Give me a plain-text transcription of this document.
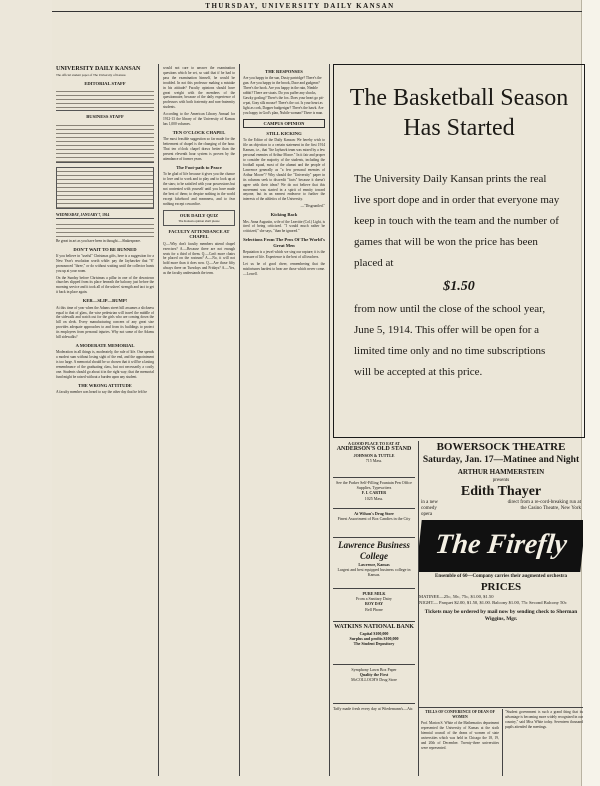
THURSDAY, UNIVERSITY DAILY KANSAN
UNIVERSITY DAILY KANSAN
The official student paper of The University of Kansas
EDITORIAL STAFF
BUSINESS STAFF
WEDNESDAY, JANUARY 7, 1914

Be great in art as you have been in thought.—Shakespeare.

DON'T WAIT TO BE BUNNED

If you believe in "useful" Christmas gifts, here is a suggestion for a New Year's resolution worth while: pay the Jayhawker that "6" pronounced "three," or do without waiting until the collector hunts you up at your room.

On the Sunday before Christmas a pillar in one of the downtown churches slipped from its place beneath the balcony just before the morning service and it took all of the ushers' strength and tact to get it back in place again.

KER—SLIP—BUMP!

At this time of year when the Adams street hill assumes a slickness equal to that of glass, the wise pedestrian will travel the middle of the sidewalk and watch out for the girls who are coming down the hill on sleds. Every manufacturing concern of any great size provides adequate approaches to and from its buildings to protect its employees from personal injuries. Why not some of the Adams hill sidewalks?

A MODERATE MEMORIAL

Moderation in all things is, moderately, the rule of life. One spends a modest sum without losing sight of the end, and the appointment is too large. A memorial should be so chosen that it will be a lasting remembrance of the graduating class, but not necessarily a costly one. Students should go about it in the right way; that the memorial fund might be raised without a burden upon any student.

THE WRONG ATTITUDE

A faculty member was heard to say the other day that he felt he

would not care to answer the examination questions which he set, so said that if he had to pass the examination himself, he would be troubled. In not this professor making a mistake in his attitude? Faculty opinions should have great weight with the members of the questionnaire, because of the daily experience of professors with both fraternity and non-fraternity students.

According to the American Library Annual for 1912-13 the library of the University of Kansas has 1,000 volumes.

TEN O'CLOCK CHAPEL

The most feasible suggestion so far made for the betterment of chapel is the changing of the hour. That ten o'clock chapel draws better than the present eleventh hour system is proven by the attendance of former years.

The Foot-path to Peace

To be glad of life because it gives you the chance to love and to work and to play and to look up at the stars; to be satisfied with your possessions but not contented with yourself until you have made the best of them; to despise nothing in the world except falsehood and meanness, and to fear nothing except cowardice.

OUR DAILY QUIZ
The Kansan opinion shall please
FACULTY ATTENDANCE AT CHAPEL

Q.—Why don't faculty members attend chapel exercises? A.—Because there are not enough seats for a third of them. Q.—Can't more chairs be placed on the rostrum? A.—No, it will not hold more than it does now. Q.—Are those fifty always there on Tuesdays and Fridays? A.—Yes, as the faculty understands the term.

THE RESPONSES

Are you happy in the sun, Dusty partridge? There's the gun. Are you happy in the brook, Dace and gudgeon? There's the hook. Are you happy in the rain, Nimble rabbit? There are stoats. Do you puffer any shocks, Gawky gosling? There's the fox. Does your heart go pit-a-pat, Gray silk mouse? There's the cat. Is your heart as light as cork, Dapper budgerigar? There's the hawk. Are you happy in God's plan, Nubile woman? There is man.

CAMPUS OPINION
STILL KICKING

To the Editor of the Daily Kansan: We hereby wish to file an objection to a certain statement in the first 1914 Kansan, i.e., that "the Jayhawk team was mixed by a few personal enemies of Arthur Moore." In it fair and proper to consider the majority of the students, including the football squad, most of the alumni and the people of Lawrence generally as "a few personal enemies of Arthur Moore"? Why should the "University" paper in its columns seek to discredit "facts" because it doesn't agree with their ideas? We do not believe that this movement was started in a spirit of enmity toward anyone, but in an earnest endeavor to further the interests of the athletics of the University.

—"Disgruntled."

Kicking Back

Mrs. Anna Augustin, wife of the Leavitte (Col.) Light, is tired of being criticized. "I would much rather be criticized," she says, "than be ignored."

Selections From The Pros Of The World's Great Men

Reputation is a jewel which we sing our rapture; it is the treasure of life. Experience is the best of all teachers.

Let us be of good cheer, remembering that the misfortunes hardest to bear are those which never come.—Lowell.

The Basketball Season
Has Started
The University Daily Kansan prints the real live sport dope and in order that everyone may keep in touch with the team and the number of games that will be won the price has been placed at
$1.50
from now until the close of the school year, June 5, 1914. This offer will be open for a limited time only and no time subscriptions will be accepted at this price.
A GOOD PLACE TO EAT AT
ANDERSON'S OLD STAND
JOHNSON & TUTTLE
715 Mass.
See the Parker Self-Filling Fountain Pen Office Supplies, Typewriters
F. I. CARTER
1025 Mass.
At Wilson's Drug Store
Finest Assortment of Box Candies in the City
Lawrence Business College
Lawrence, Kansas
Largest and best equipped business college in Kansas.
PURE MILK
From a Sanitary Dairy
ROY DAY
Bell Phone
WATKINS NATIONAL BANK
Capital $100,000
Surplus and profits $100,000
The Student Depository
Symphony Lawn Box Paper
Quality the First
McCOLLOCH'S Drug Store
Taffy made fresh every day at Wiedemann's—Air.
BOWERSOCK THEATRE
Saturday, Jan. 17—Matinee and Night
ARTHUR HAMMERSTEIN
presents
Edith Thayer
in a new
comedy
opera
direct from a re-cord-breaking run at the Casino Theatre, New York
The Firefly
Ensemble of 60—Company carries their augmented orchestra
PRICES
MATINEE—25c, 50c, 75c, $1.00, $1.50
NIGHT— Parquet $2.00, $1.50, $1.00. Balcony $1.00, 75c Second Balcony 50c
Tickets may be ordered by mail now by sending check to Sherman Wiggins, Mgr.
TELLS OF CONFERENCE OF DEAN OF WOMEN

Prof. Marion S. White of the Mathematics department represented the University of Kansas at the sixth biennial council of the deans of women of state universities which was held in Chicago the 18, 19, and 20th of December. Twenty-three universities were represented.

"Student government is such a grand thing that its advantage is becoming more widely recognized in our country," said Miss White today. Seventeen thousand pupils attended the meetings.
